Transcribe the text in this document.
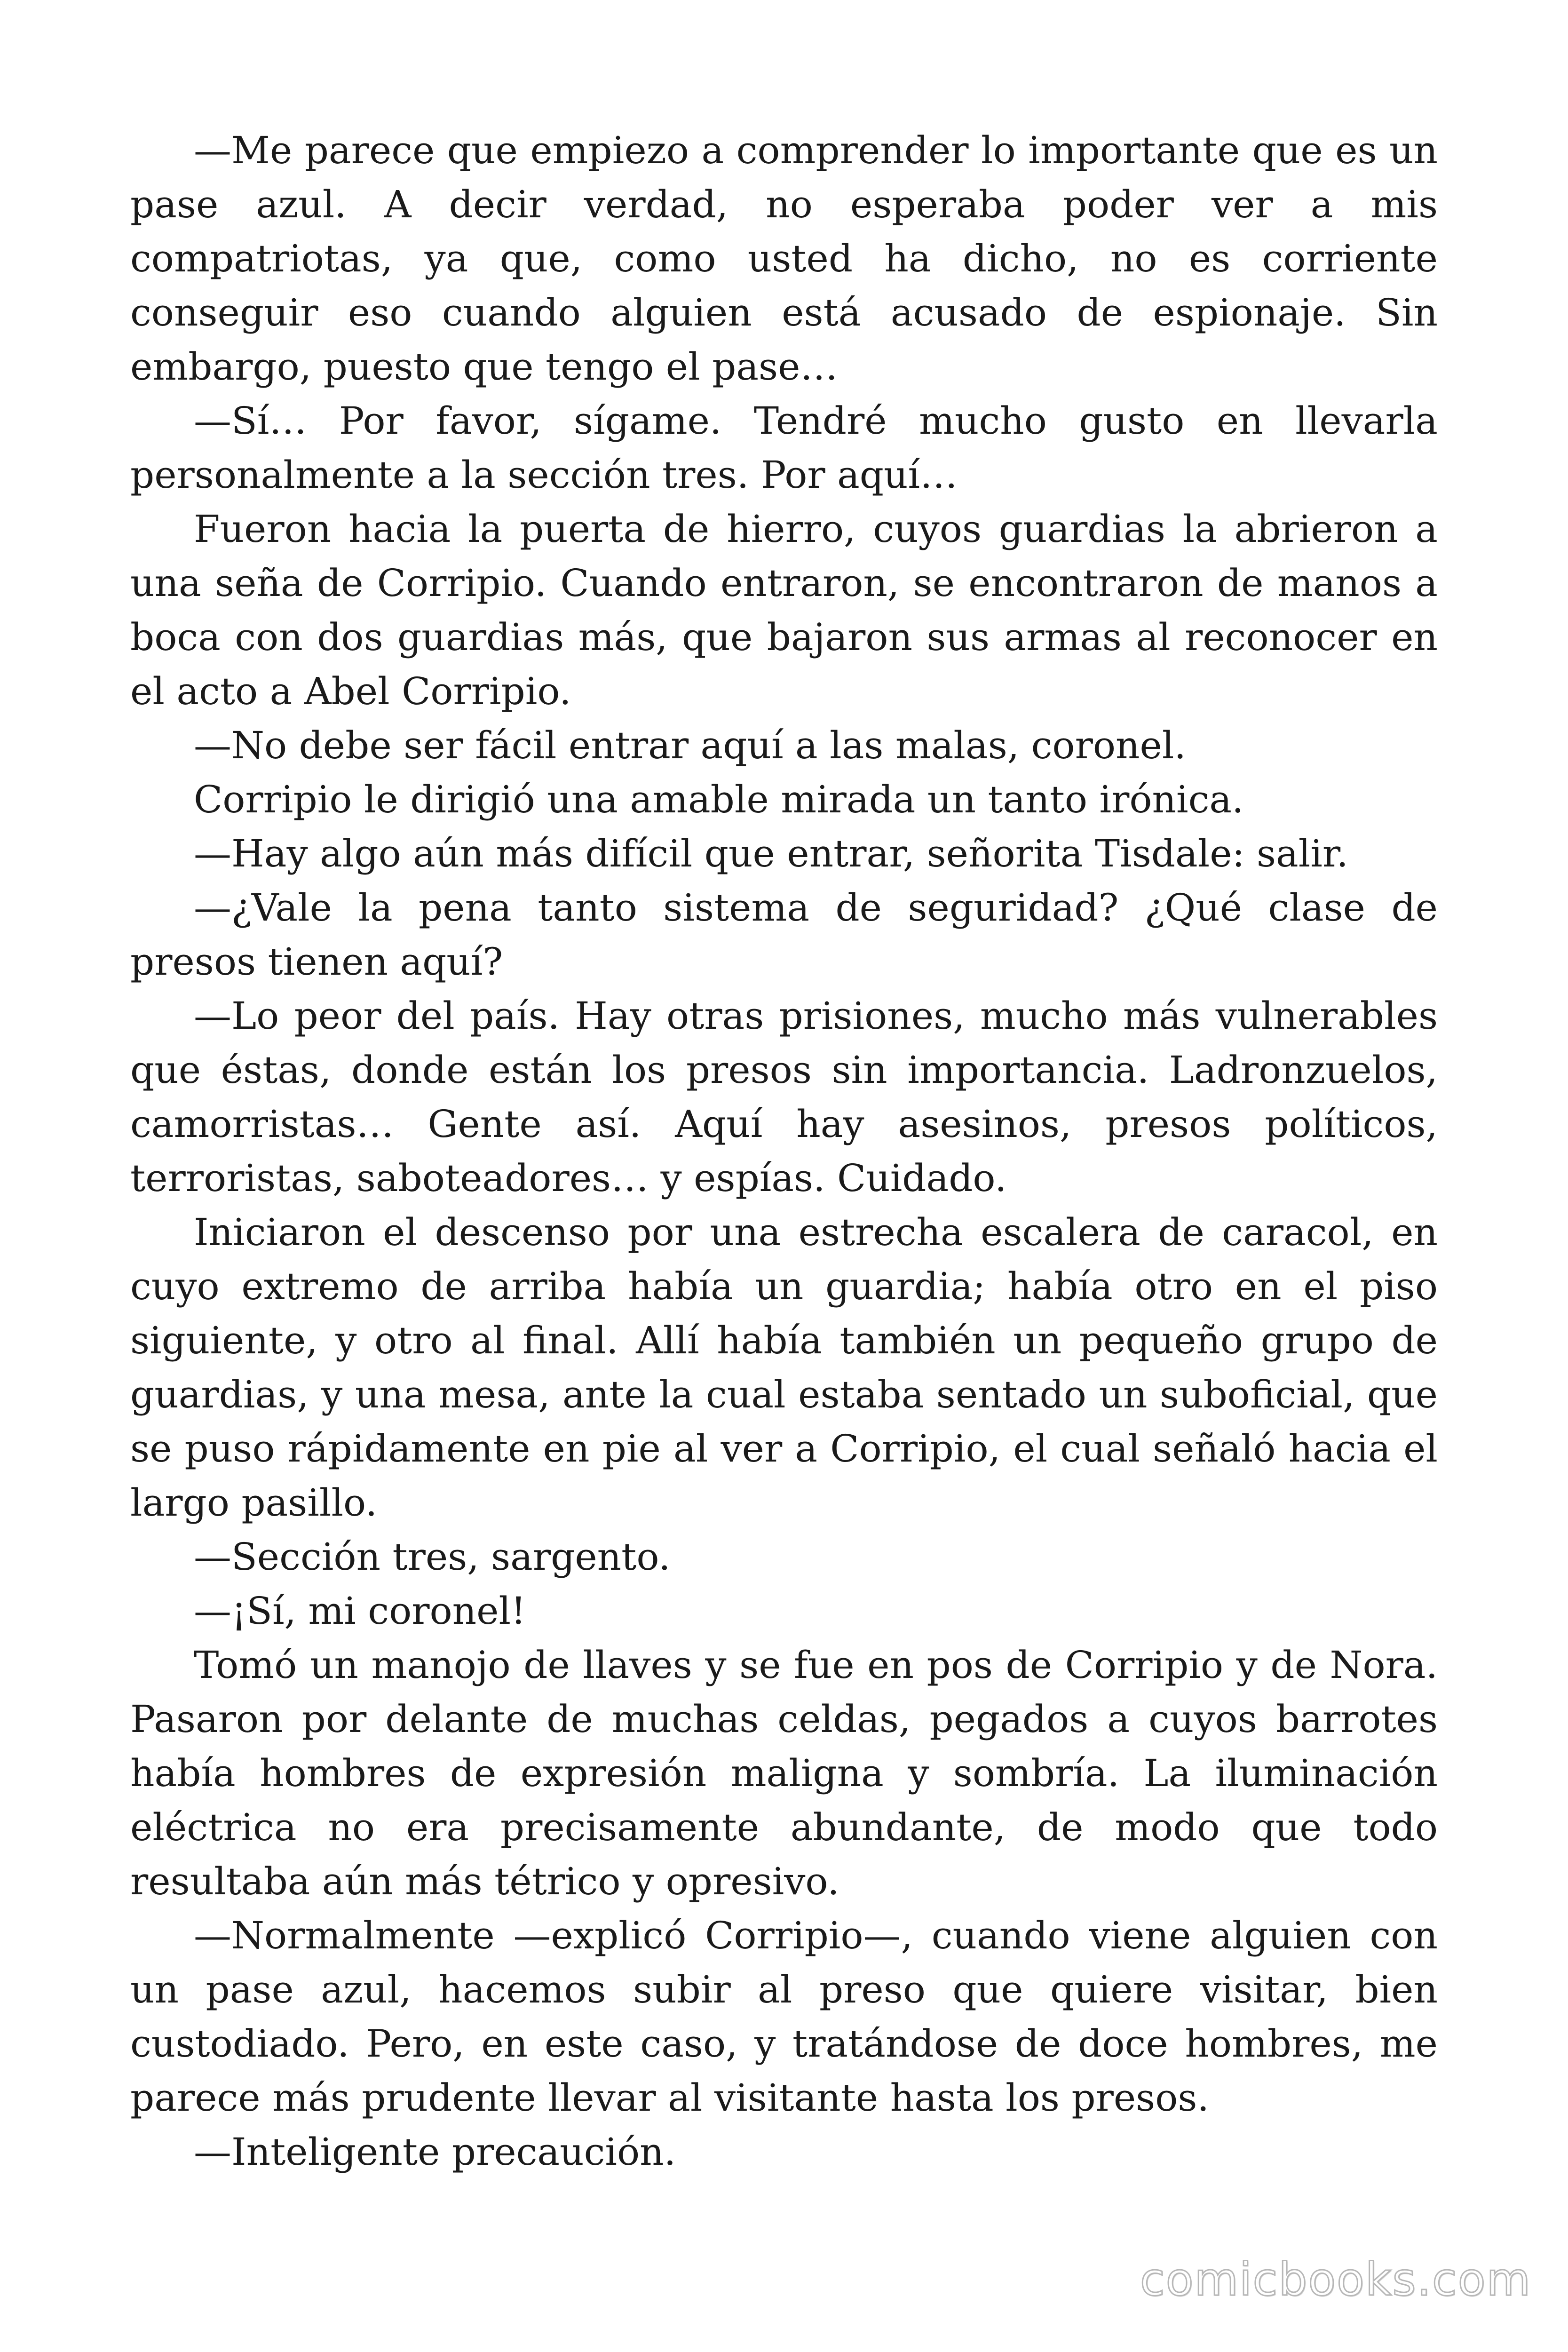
—Me parece que empiezo a comprender lo importante que es un pase azul. A decir verdad, no esperaba poder ver a mis compatriotas, ya que, como usted ha dicho, no es corriente conseguir eso cuando alguien está acusado de espionaje. Sin embargo, puesto que tengo el pase…

—Sí… Por favor, sígame. Tendré mucho gusto en llevarla personalmente a la sección tres. Por aquí…

Fueron hacia la puerta de hierro, cuyos guardias la abrieron a una seña de Corripio. Cuando entraron, se encontraron de manos a boca con dos guardias más, que bajaron sus armas al reconocer en el acto a Abel Corripio.

—No debe ser fácil entrar aquí a las malas, coronel.

Corripio le dirigió una amable mirada un tanto irónica.

—Hay algo aún más difícil que entrar, señorita Tisdale: salir.

—¿Vale la pena tanto sistema de seguridad? ¿Qué clase de presos tienen aquí?

—Lo peor del país. Hay otras prisiones, mucho más vulnerables que éstas, donde están los presos sin importancia. Ladronzuelos, camorristas… Gente así. Aquí hay asesinos, presos políticos, terroristas, saboteadores… y espías. Cuidado.

Iniciaron el descenso por una estrecha escalera de caracol, en cuyo extremo de arriba había un guardia; había otro en el piso siguiente, y otro al final. Allí había también un pequeño grupo de guardias, y una mesa, ante la cual estaba sentado un suboficial, que se puso rápidamente en pie al ver a Corripio, el cual señaló hacia el largo pasillo.

—Sección tres, sargento.

—¡Sí, mi coronel!

Tomó un manojo de llaves y se fue en pos de Corripio y de Nora. Pasaron por delante de muchas celdas, pegados a cuyos barrotes había hombres de expresión maligna y sombría. La iluminación eléctrica no era precisamente abundante, de modo que todo resultaba aún más tétrico y opresivo.

—Normalmente —explicó Corripio—, cuando viene alguien con un pase azul, hacemos subir al preso que quiere visitar, bien custodiado. Pero, en este caso, y tratándose de doce hombres, me parece más prudente llevar al visitante hasta los presos.

—Inteligente precaución.

comicbooks.com
